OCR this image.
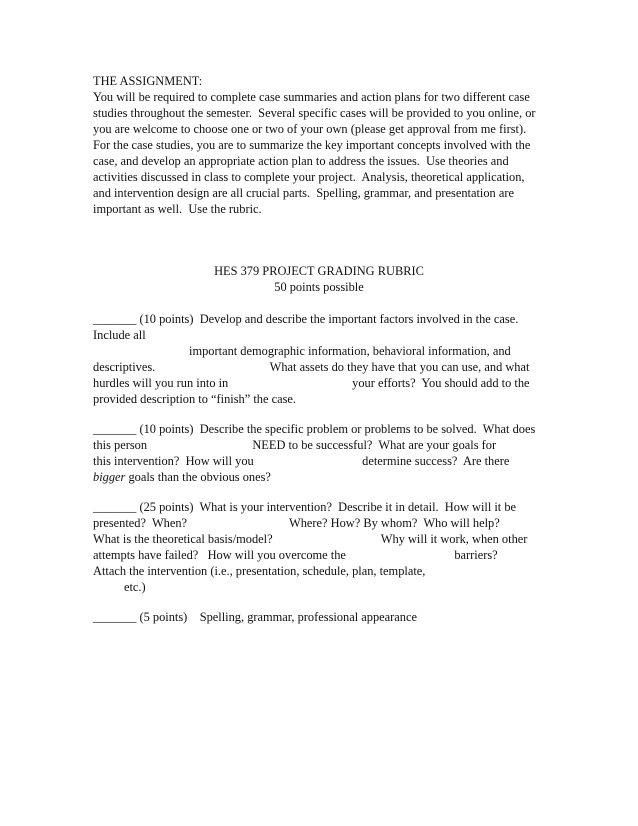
THE ASSIGNMENT:
You will be required to complete case summaries and action plans for two different case
studies throughout the semester.  Several specific cases will be provided to you online, or
you are welcome to choose one or two of your own (please get approval from me first).
For the case studies, you are to summarize the key important concepts involved with the
case, and develop an appropriate action plan to address the issues.  Use theories and
activities discussed in class to complete your project.  Analysis, theoretical application,
and intervention design are all crucial parts.  Spelling, grammar, and presentation are
important as well.  Use the rubric.
HES 379 PROJECT GRADING RUBRIC
50 points possible
_______ (10 points)  Develop and describe the important factors involved in the case.
Include all
important demographic information, behavioral information, and
descriptives.                                     What assets do they have that you can use, and what
hurdles will you run into in                                        your efforts?  You should add to the
provided description to “finish” the case.
_______ (10 points)  Describe the specific problem or problems to be solved.  What does
this person                                  NEED to be successful?  What are your goals for
this intervention?  How will you                                   determine success?  Are there
bigger goals than the obvious ones?
_______ (25 points)  What is your intervention?  Describe it in detail.  How will it be
presented?  When?                                 Where? How? By whom?  Who will help?
What is the theoretical basis/model?                                   Why will it work, when other
attempts have failed?   How will you overcome the                                   barriers?
Attach the intervention (i.e., presentation, schedule, plan, template,
etc.)
_______ (5 points)    Spelling, grammar, professional appearance
